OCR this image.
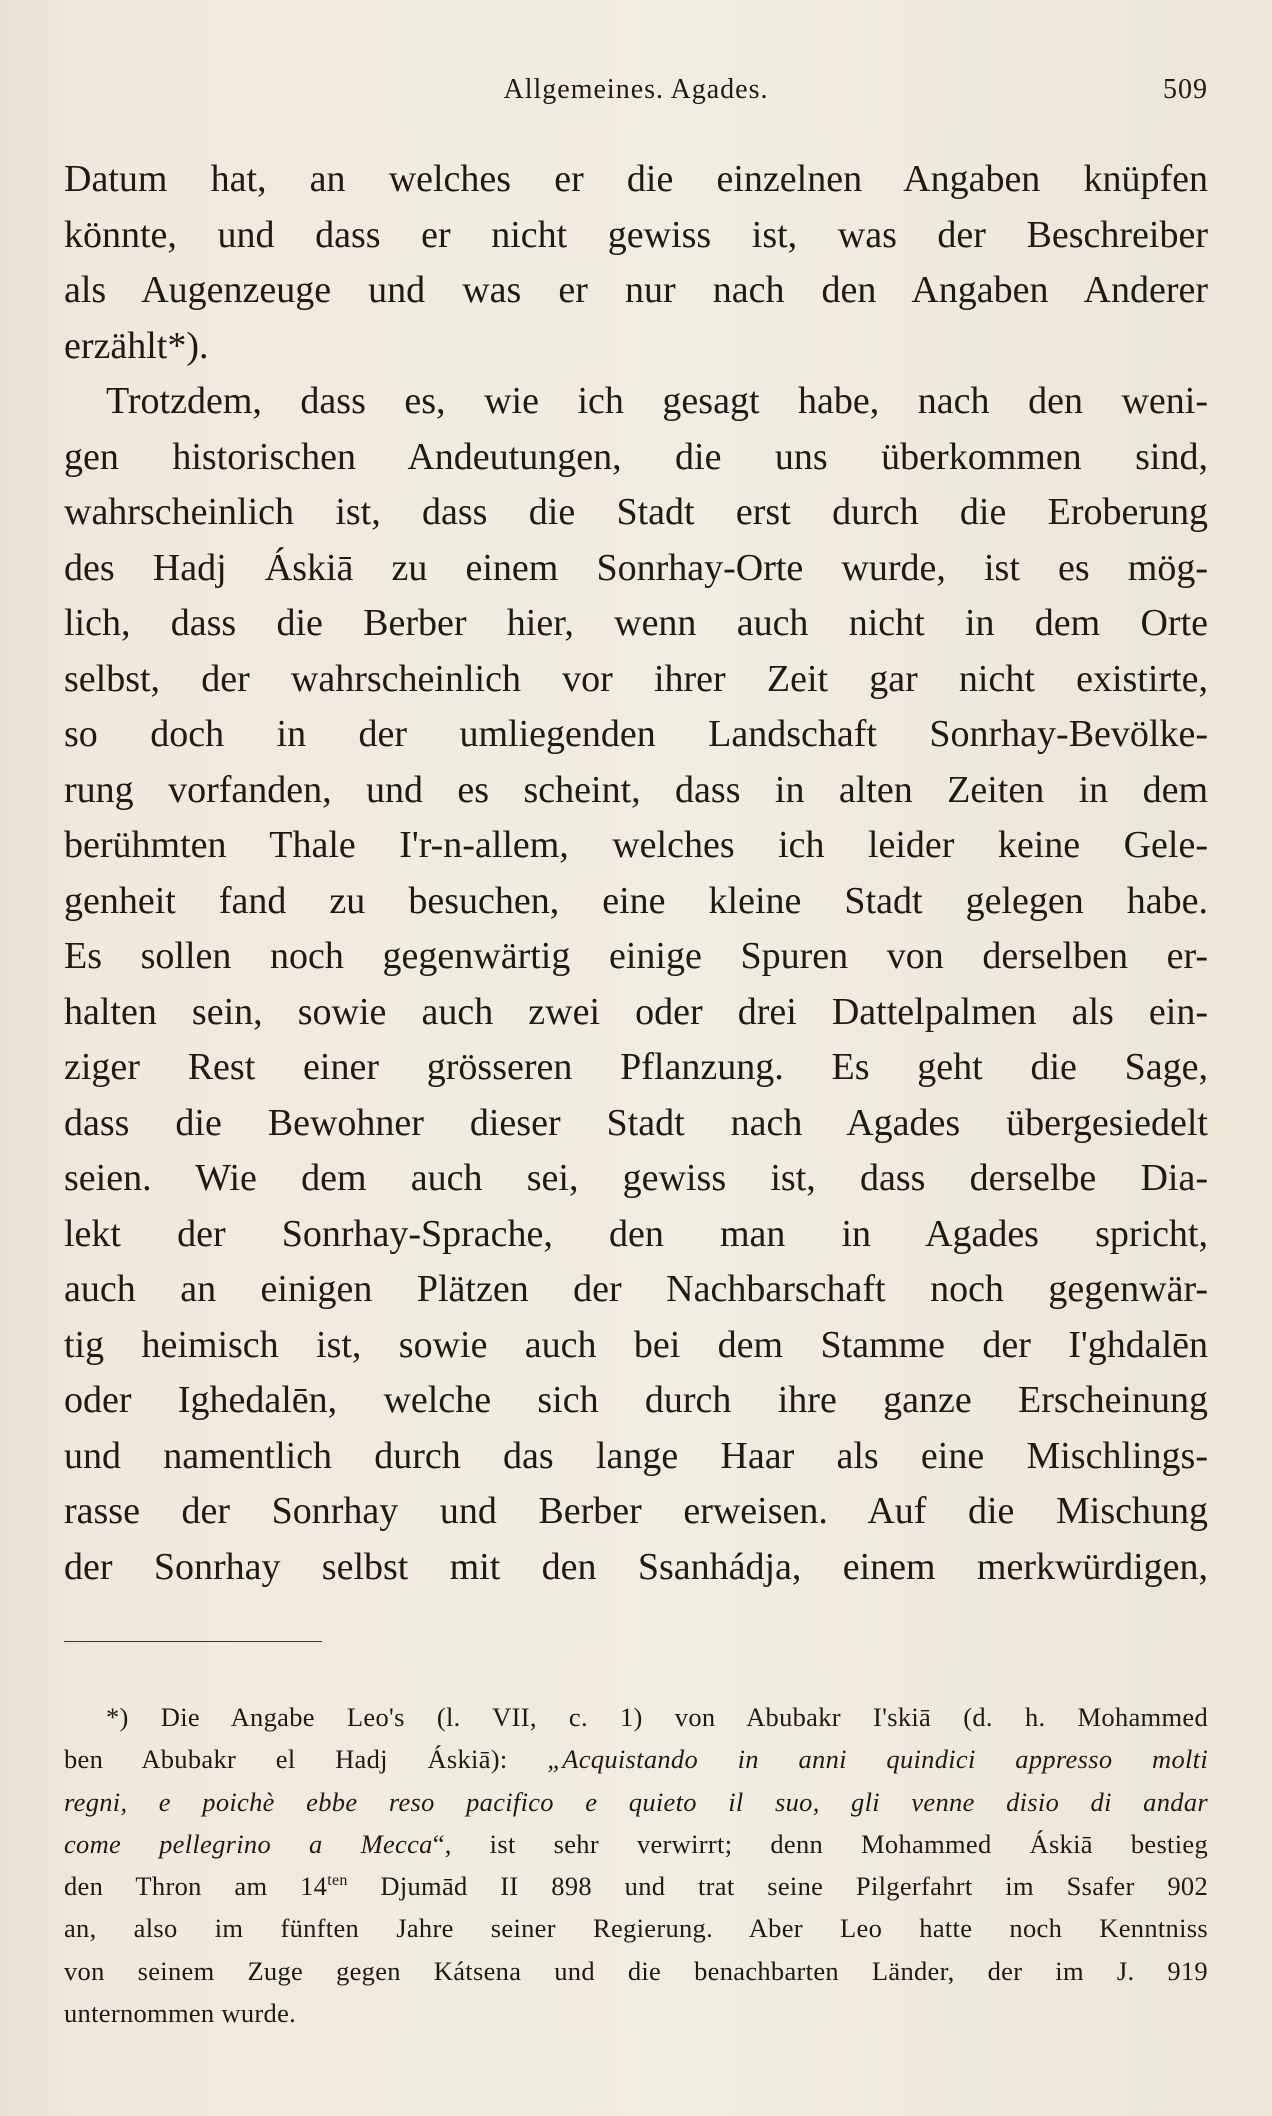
Allgemeines. Agades.	509
Datum hat, an welches er die einzelnen Angaben knüpfen
könnte, und dass er nicht gewiss ist, was der Beschreiber
als Augenzeuge und was er nur nach den Angaben Anderer
erzählt*).
Trotzdem, dass es, wie ich gesagt habe, nach den weni-
gen historischen Andeutungen, die uns überkommen sind,
wahrscheinlich ist, dass die Stadt erst durch die Eroberung
des Hadj Áskiā zu einem Sonrhay-Orte wurde, ist es mög-
lich, dass die Berber hier, wenn auch nicht in dem Orte
selbst, der wahrscheinlich vor ihrer Zeit gar nicht existirte,
so doch in der umliegenden Landschaft Sonrhay-Bevölke-
rung vorfanden, und es scheint, dass in alten Zeiten in dem
berühmten Thale I'r-n-allem, welches ich leider keine Gele-
genheit fand zu besuchen, eine kleine Stadt gelegen habe.
Es sollen noch gegenwärtig einige Spuren von derselben er-
halten sein, sowie auch zwei oder drei Dattelpalmen als ein-
ziger Rest einer grösseren Pflanzung. Es geht die Sage,
dass die Bewohner dieser Stadt nach Agades übergesiedelt
seien. Wie dem auch sei, gewiss ist, dass derselbe Dia-
lekt der Sonrhay-Sprache, den man in Agades spricht,
auch an einigen Plätzen der Nachbarschaft noch gegenwär-
tig heimisch ist, sowie auch bei dem Stamme der I'ghdalēn
oder Ighedalēn, welche sich durch ihre ganze Erscheinung
und namentlich durch das lange Haar als eine Mischlings-
rasse der Sonrhay und Berber erweisen. Auf die Mischung
der Sonrhay selbst mit den Ssanhádja, einem merkwürdigen,
*) Die Angabe Leo's (l. VII, c. 1) von Abubakr I'skiā (d. h. Mohammed
ben Abubakr el Hadj Áskiā): „Acquistando in anni quindici appresso molti
regni, e poichè ebbe reso pacifico e quieto il suo, gli venne disio di andar
come pellegrino a Mecca“, ist sehr verwirrt; denn Mohammed Áskiā bestieg
den Thron am $14^{ten}$ Djumād II 898 und trat seine Pilgerfahrt im Ssafer 902
an, also im fünften Jahre seiner Regierung. Aber Leo hatte noch Kenntniss
von seinem Zuge gegen Kátsena und die benachbarten Länder, der im J. 919
unternommen wurde.
